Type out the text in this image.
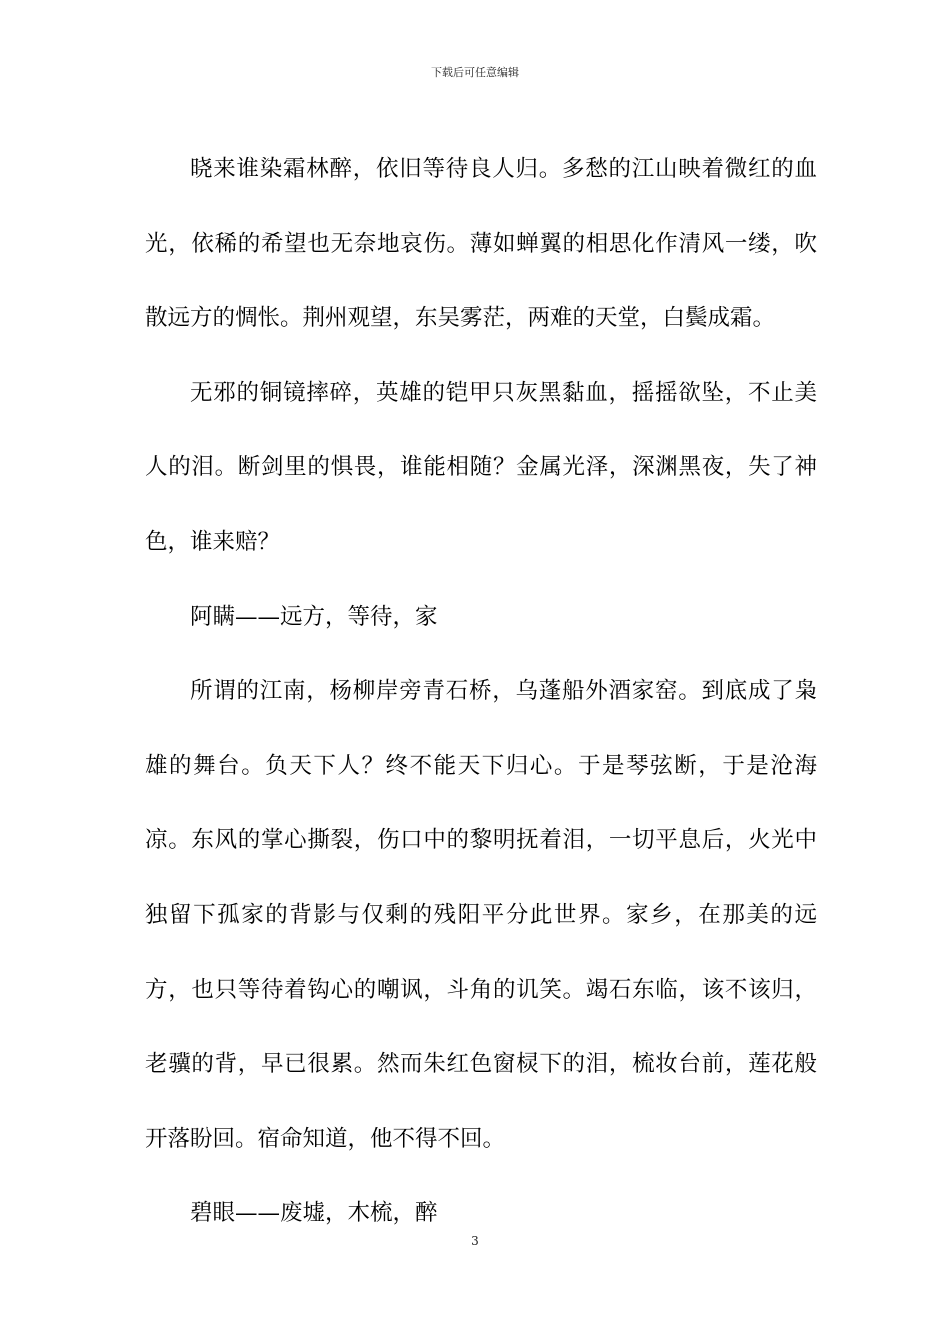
下载后可任意编辑

晓来谁染霜林醉，依旧等待良人归。多愁的江山映着微红的血光，依稀的希望也无奈地哀伤。薄如蝉翼的相思化作清风一缕，吹散远方的惆怅。荆州观望，东吴雾茫，两难的天堂，白鬓成霜。

无邪的铜镜摔碎，英雄的铠甲只灰黑黏血，摇摇欲坠，不止美人的泪。断剑里的惧畏，谁能相随？金属光泽，深渊黑夜，失了神色，谁来赔？

阿瞒——远方，等待，家

所谓的江南，杨柳岸旁青石桥，乌蓬船外酒家窑。到底成了枭雄的舞台。负天下人？终不能天下归心。于是琴弦断，于是沧海凉。东风的掌心撕裂，伤口中的黎明抚着泪，一切平息后，火光中独留下孤家的背影与仅剩的残阳平分此世界。家乡，在那美的远方，也只等待着钩心的嘲讽，斗角的讥笑。竭石东临，该不该归，老骥的背，早已很累。然而朱红色窗棂下的泪，梳妆台前，莲花般开落盼回。宿命知道，他不得不回。

碧眼——废墟，木梳，醉

3
